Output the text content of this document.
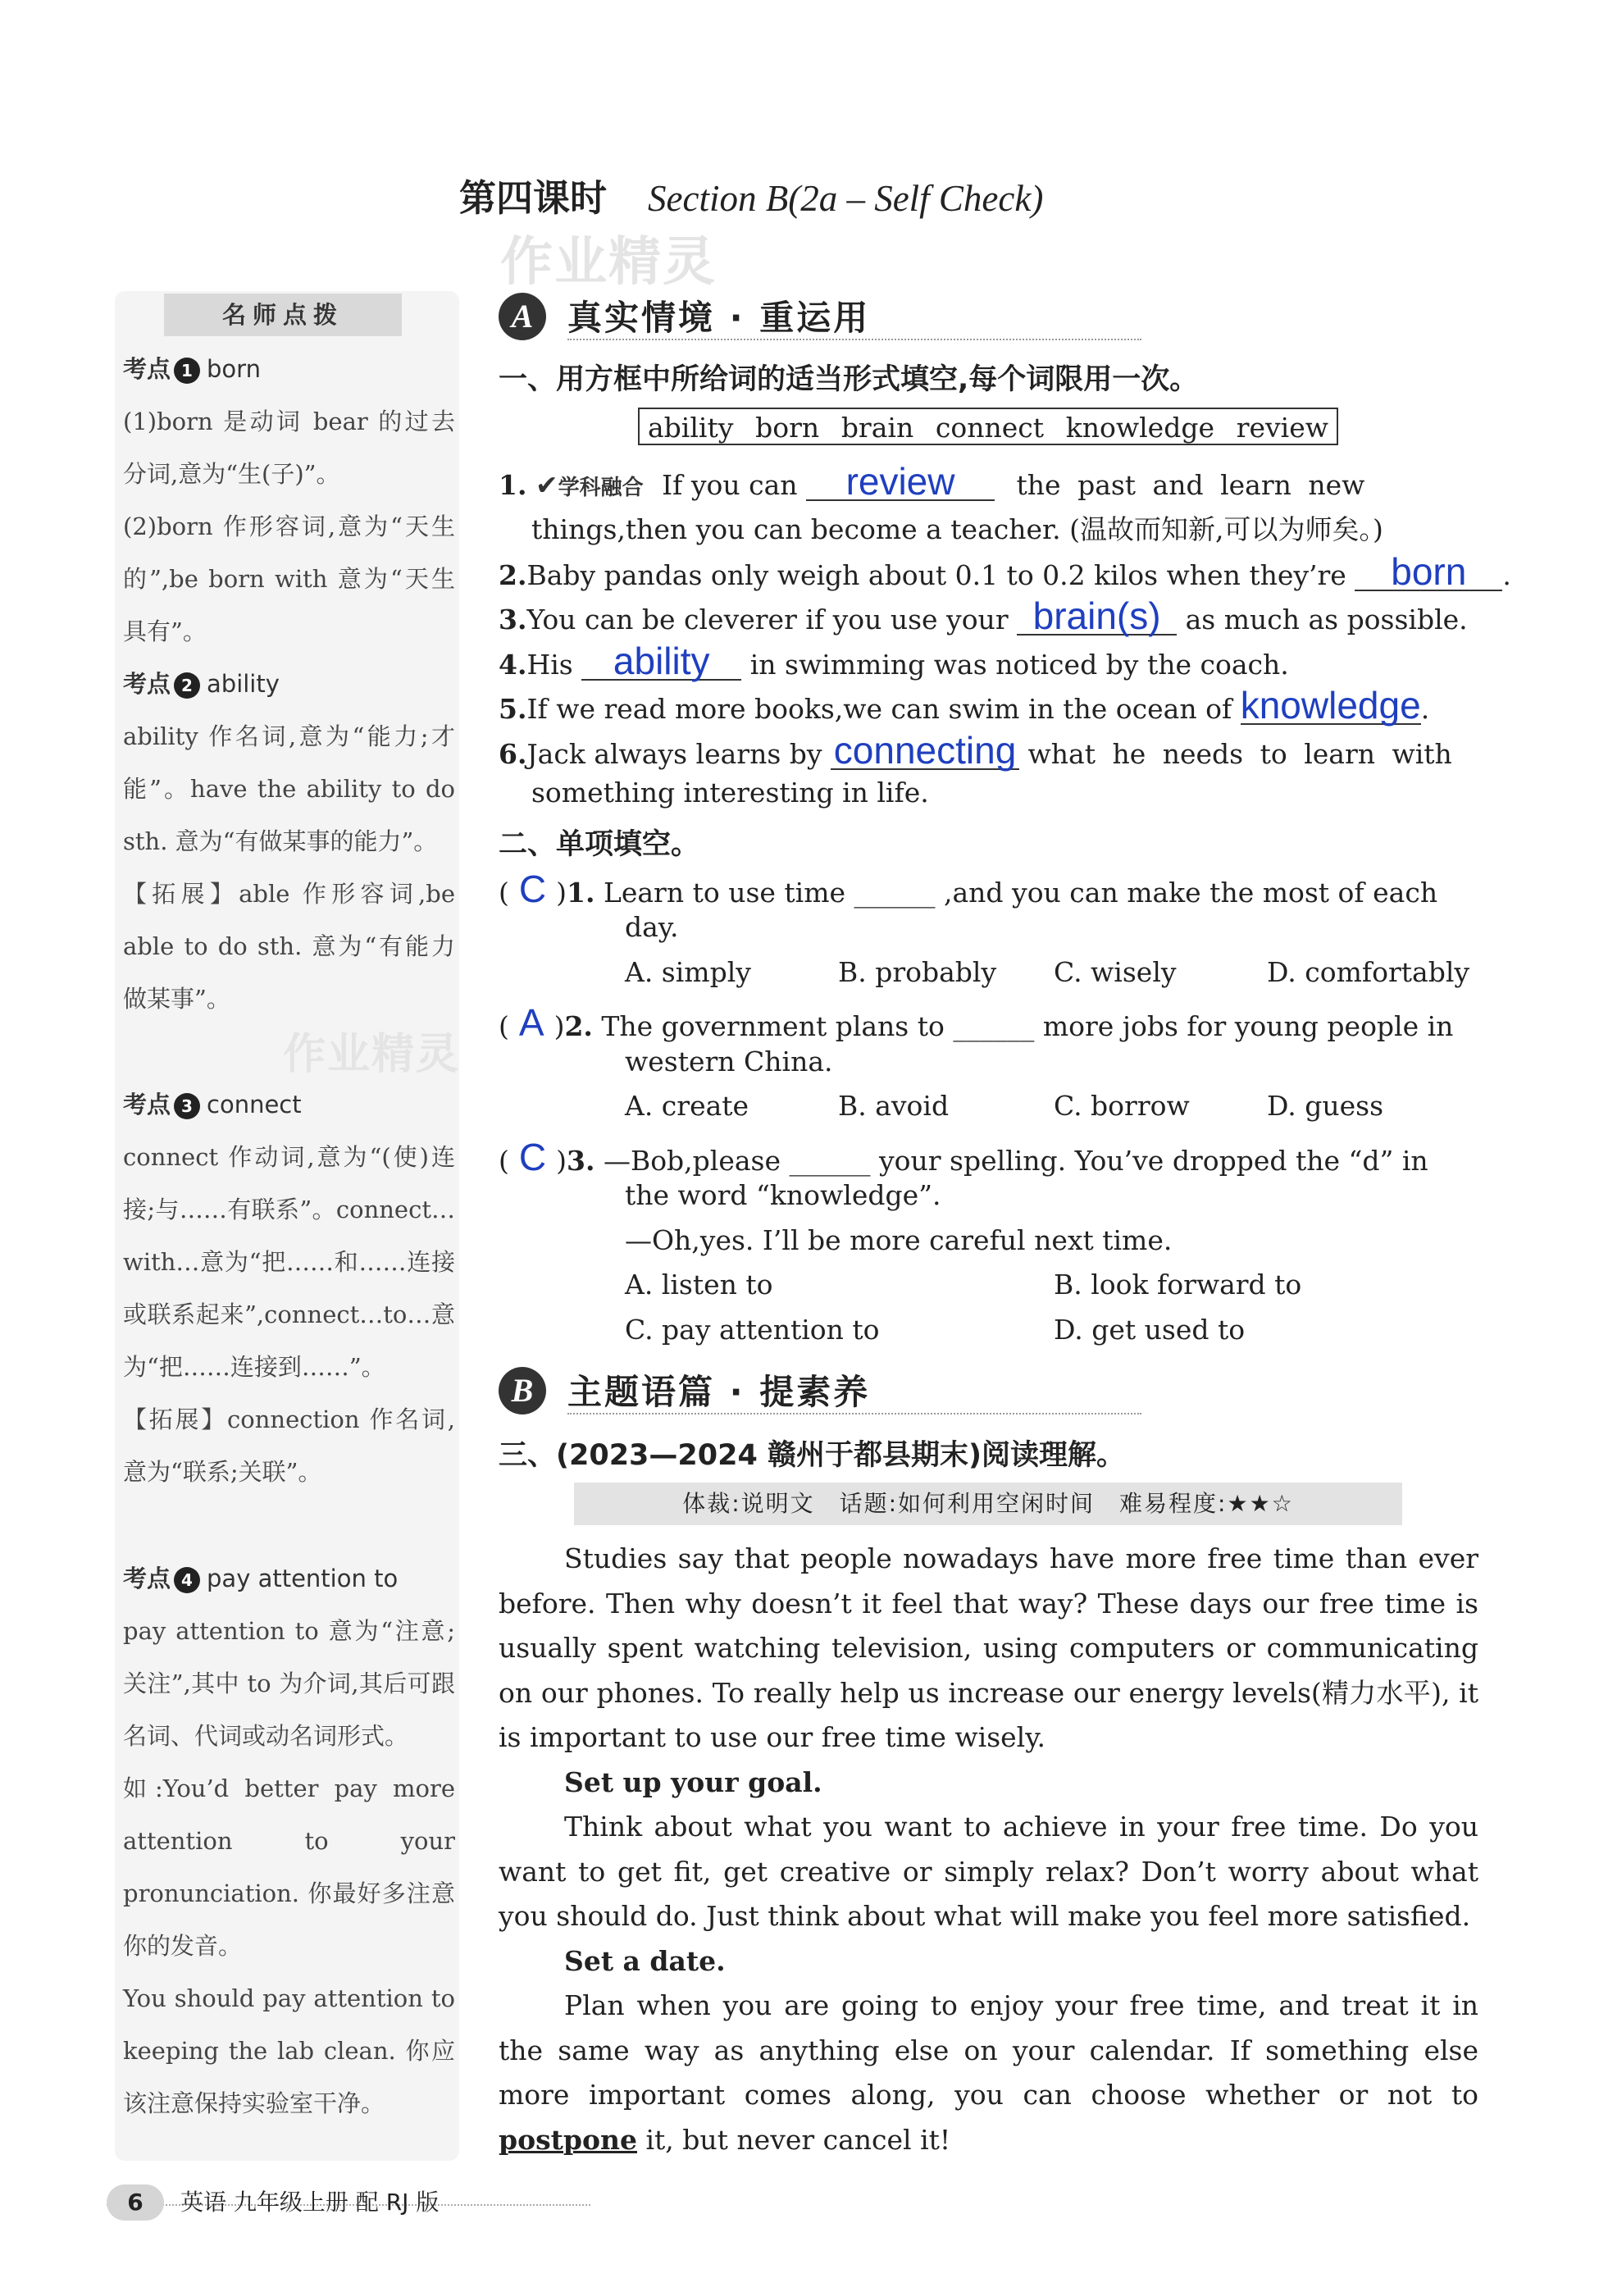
第四课时 Section B(2a – Self Check)
作业精灵
名师点拨

考点 1 born

(1)born 是动词 bear 的过去分词,意为“生(子)”。

(2)born 作形容词,意为“天生的”,be born with 意为“天生具有”。

考点 2 ability

ability 作名词,意为“能力;才能”。have the ability to do sth. 意为“有做某事的能力”。

【拓展】able 作形容词,be able to do sth. 意为“有能力做某事”。

考点 3 connect

connect 作动词,意为“(使)连接;与……有联系”。connect…with…意为“把……和……连接或联系起来”,connect…to…意为“把……连接到……”。

【拓展】connection 作名词,意为“联系;关联”。

考点 4 pay attention to

pay attention to 意为“注意;关注”,其中 to 为介词,其后可跟名词、代词或动名词形式。

如:You’d better pay more attention to your pronunciation. 你最好多注意你的发音。

You should pay attention to keeping the lab clean. 你应该注意保持实验室干净。

作业精灵
A 真实情境 · 重运用
一、用方框中所给词的适当形式填空,每个词限用一次。
ability born brain connect knowledge review
1. ✔学科融合 If you can review the past and learn new
things,then you can become a teacher. (温故而知新,可以为师矣。)
2.Baby pandas only weigh about 0.1 to 0.2 kilos when they’re born .
3.You can be cleverer if you use your brain(s) as much as possible.
4.His ability in swimming was noticed by the coach.
5.If we read more books,we can swim in the ocean of knowledge.
6.Jack always learns by connecting what he needs to learn with
something interesting in life.
二、单项填空。
( C )1. Learn to use time ______ ,and you can make the most of each
day.
A. simply	B. probably C. wisely	D. comfortably
( A )2. The government plans to ______ more jobs for young people in
western China.
A. create	B. avoid	C. borrow	D. guess
( C )3. —Bob,please ______ your spelling. You’ve dropped the “d” in
the word “knowledge”.
—Oh,yes. I’ll be more careful next time.
A. listen to	B. look forward to
C. pay attention to	D. get used to
B 主题语篇 · 提素养
三、(2023—2024 赣州于都县期末)阅读理解。
体裁:说明文　话题:如何利用空闲时间　难易程度:★★☆

Studies say that people nowadays have more free time than ever before. Then why doesn’t it feel that way? These days our free time is usually spent watching television, using computers or communicating on our phones. To really help us increase our energy levels(精力水平), it is important to use our free time wisely.

Set up your goal.

Think about what you want to achieve in your free time. Do you want to get fit, get creative or simply relax? Don’t worry about what you should do. Just think about what will make you feel more satisfied.

Set a date.

Plan when you are going to enjoy your free time, and treat it in the same way as anything else on your calendar. If something else more important comes along, you can choose whether or not to postpone it, but never cancel it!

6 英语 九年级上册 配 RJ 版
